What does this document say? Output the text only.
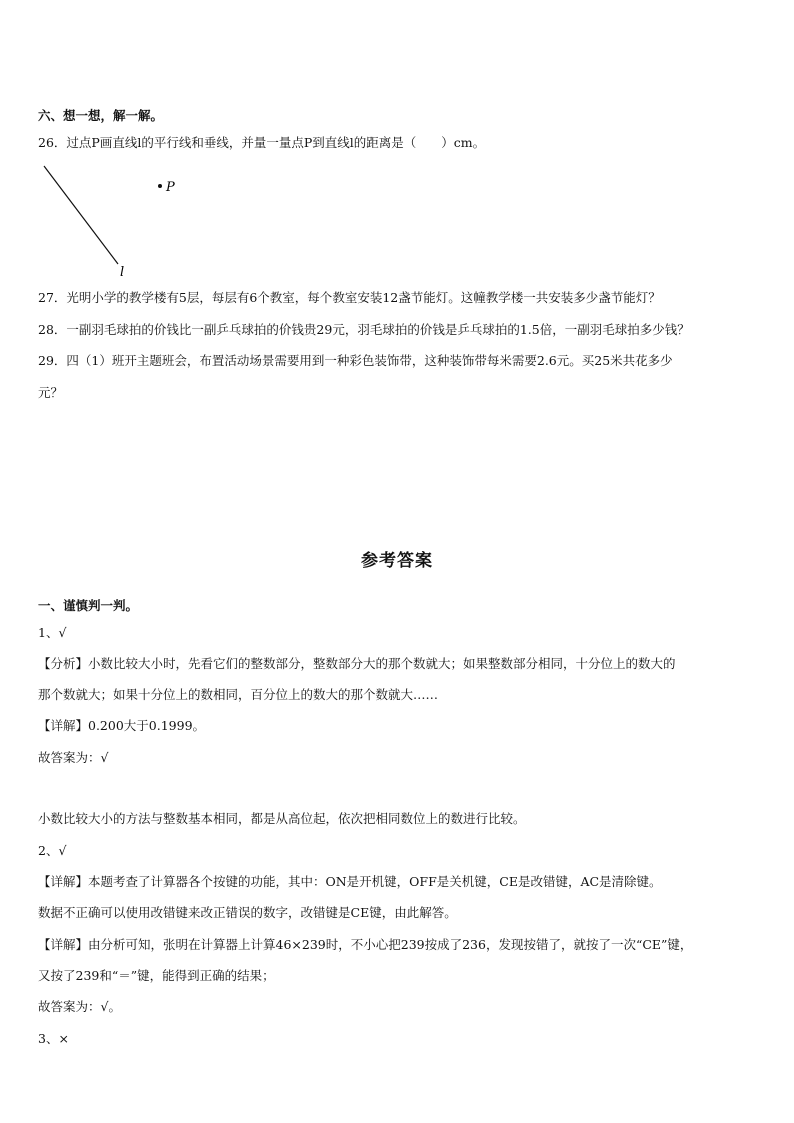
六、想一想，解一解。
26．过点P画直线l的平行线和垂线，并量一量点P到直线l的距离是（　　）cm。
P
l
27．光明小学的教学楼有5层，每层有6个教室，每个教室安装12盏节能灯。这幢教学楼一共安装多少盏节能灯？
28．一副羽毛球拍的价钱比一副乒乓球拍的价钱贵29元，羽毛球拍的价钱是乒乓球拍的1.5倍，一副羽毛球拍多少钱？
29．四（1）班开主题班会，布置活动场景需要用到一种彩色装饰带，这种装饰带每米需要2.6元。买25米共花多少
元？
参考答案
一、谨慎判一判。
1、√
【分析】小数比较大小时，先看它们的整数部分，整数部分大的那个数就大；如果整数部分相同，十分位上的数大的
那个数就大；如果十分位上的数相同，百分位上的数大的那个数就大……
【详解】0.200大于0.1999。
故答案为：√
小数比较大小的方法与整数基本相同，都是从高位起，依次把相同数位上的数进行比较。
2、√
【详解】本题考查了计算器各个按键的功能，其中：ON是开机键，OFF是关机键，CE是改错键，AC是清除键。
数据不正确可以使用改错键来改正错误的数字，改错键是CE键，由此解答。
【详解】由分析可知，张明在计算器上计算46×239时，不小心把239按成了236，发现按错了，就按了一次“CE”键，
又按了239和“＝”键，能得到正确的结果；
故答案为：√。
3、×
